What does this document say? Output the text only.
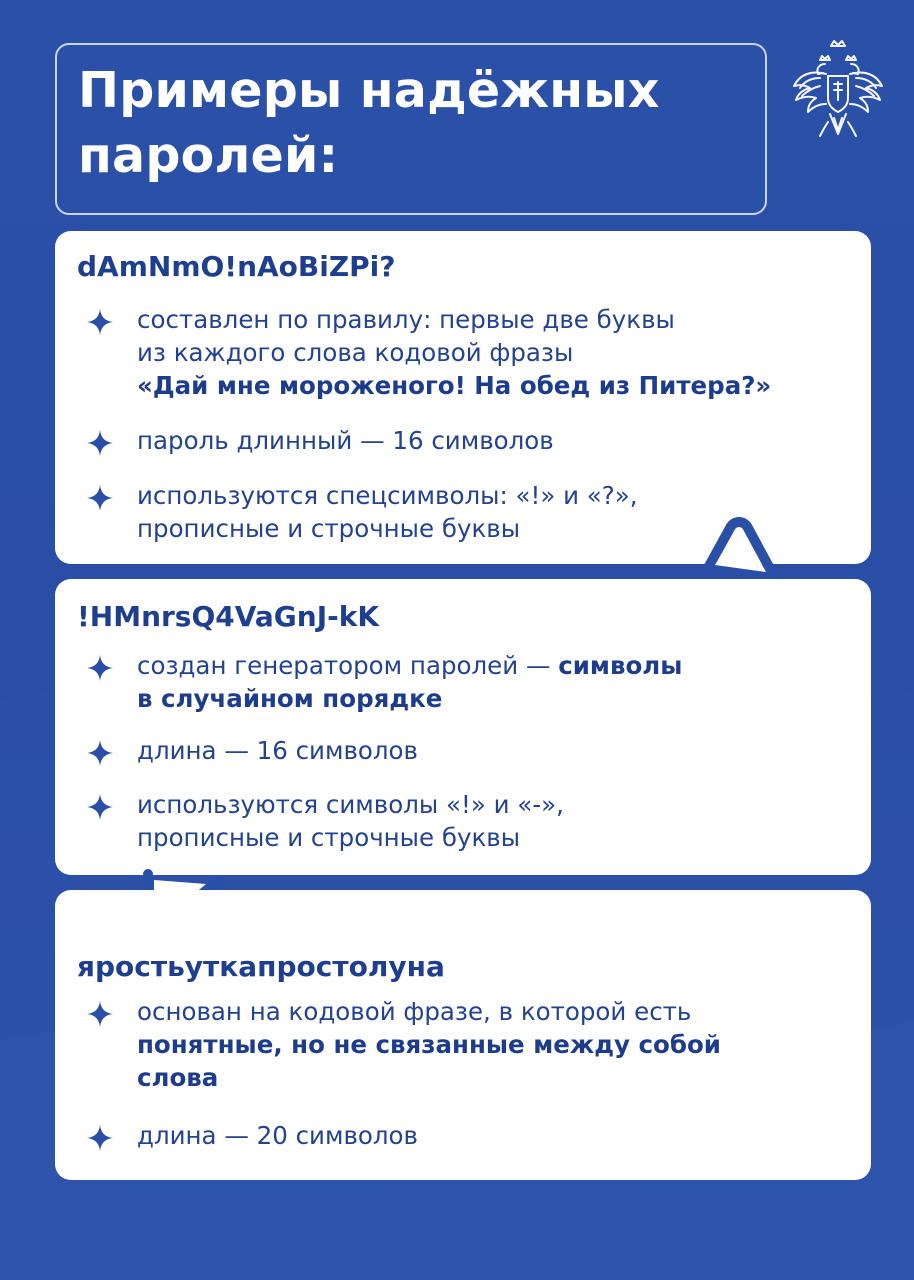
Примеры надёжных
паролей:

dAmNmO!nAoBiZPi?

составлен по правилу: первые две буквы
из каждого слова кодовой фразы
«Дай мне мороженого! На обед из Питера?»

пароль длинный — 16 символов

используются спецсимволы: «!» и «?»,
прописные и строчные буквы

!HMnrsQ4VaGnJ-kK

создан генератором паролей — символы
в случайном порядке

длина — 16 символов

используются символы «!» и «-»,
прописные и строчные буквы

яростьуткапростолуна

основан на кодовой фразе, в которой есть
понятные, но не связанные между собой
слова

длина — 20 символов
